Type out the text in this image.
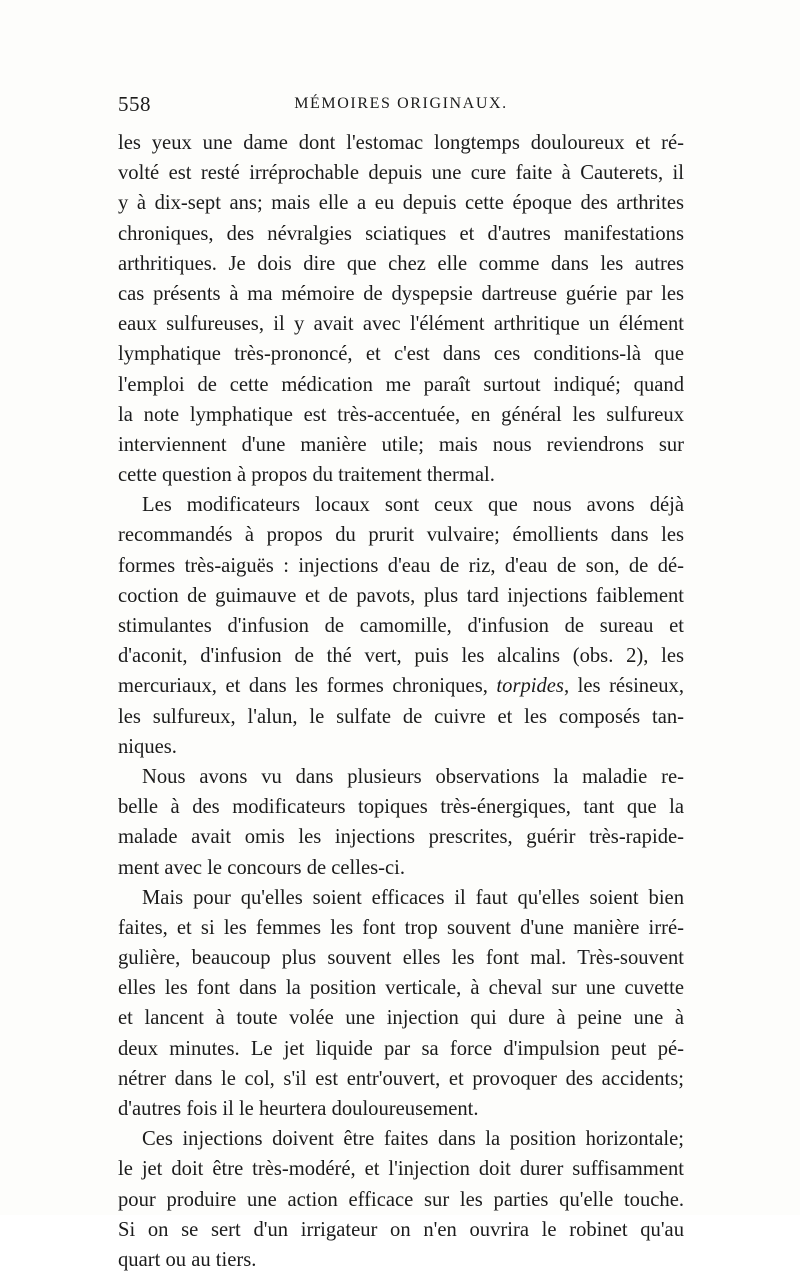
558	MÉMOIRES ORIGINAUX.
les yeux une dame dont l'estomac longtemps douloureux et ré-
volté est resté irréprochable depuis une cure faite à Cauterets, il
y à dix-sept ans; mais elle a eu depuis cette époque des arthrites
chroniques, des névralgies sciatiques et d'autres manifestations
arthritiques. Je dois dire que chez elle comme dans les autres
cas présents à ma mémoire de dyspepsie dartreuse guérie par les
eaux sulfureuses, il y avait avec l'élément arthritique un élément
lymphatique très-prononcé, et c'est dans ces conditions-là que
l'emploi de cette médication me paraît surtout indiqué; quand
la note lymphatique est très-accentuée, en général les sulfureux
interviennent d'une manière utile; mais nous reviendrons sur
cette question à propos du traitement thermal.
Les modificateurs locaux sont ceux que nous avons déjà
recommandés à propos du prurit vulvaire; émollients dans les
formes très-aiguës : injections d'eau de riz, d'eau de son, de dé-
coction de guimauve et de pavots, plus tard injections faiblement
stimulantes d'infusion de camomille, d'infusion de sureau et
d'aconit, d'infusion de thé vert, puis les alcalins (obs. 2), les
mercuriaux, et dans les formes chroniques, torpides, les résineux,
les sulfureux, l'alun, le sulfate de cuivre et les composés tan-
niques.
Nous avons vu dans plusieurs observations la maladie re-
belle à des modificateurs topiques très-énergiques, tant que la
malade avait omis les injections prescrites, guérir très-rapide-
ment avec le concours de celles-ci.
Mais pour qu'elles soient efficaces il faut qu'elles soient bien
faites, et si les femmes les font trop souvent d'une manière irré-
gulière, beaucoup plus souvent elles les font mal. Très-souvent
elles les font dans la position verticale, à cheval sur une cuvette
et lancent à toute volée une injection qui dure à peine une à
deux minutes. Le jet liquide par sa force d'impulsion peut pé-
nétrer dans le col, s'il est entr'ouvert, et provoquer des accidents;
d'autres fois il le heurtera douloureusement.
Ces injections doivent être faites dans la position horizontale;
le jet doit être très-modéré, et l'injection doit durer suffisamment
pour produire une action efficace sur les parties qu'elle touche.
Si on se sert d'un irrigateur on n'en ouvrira le robinet qu'au
quart ou au tiers.
